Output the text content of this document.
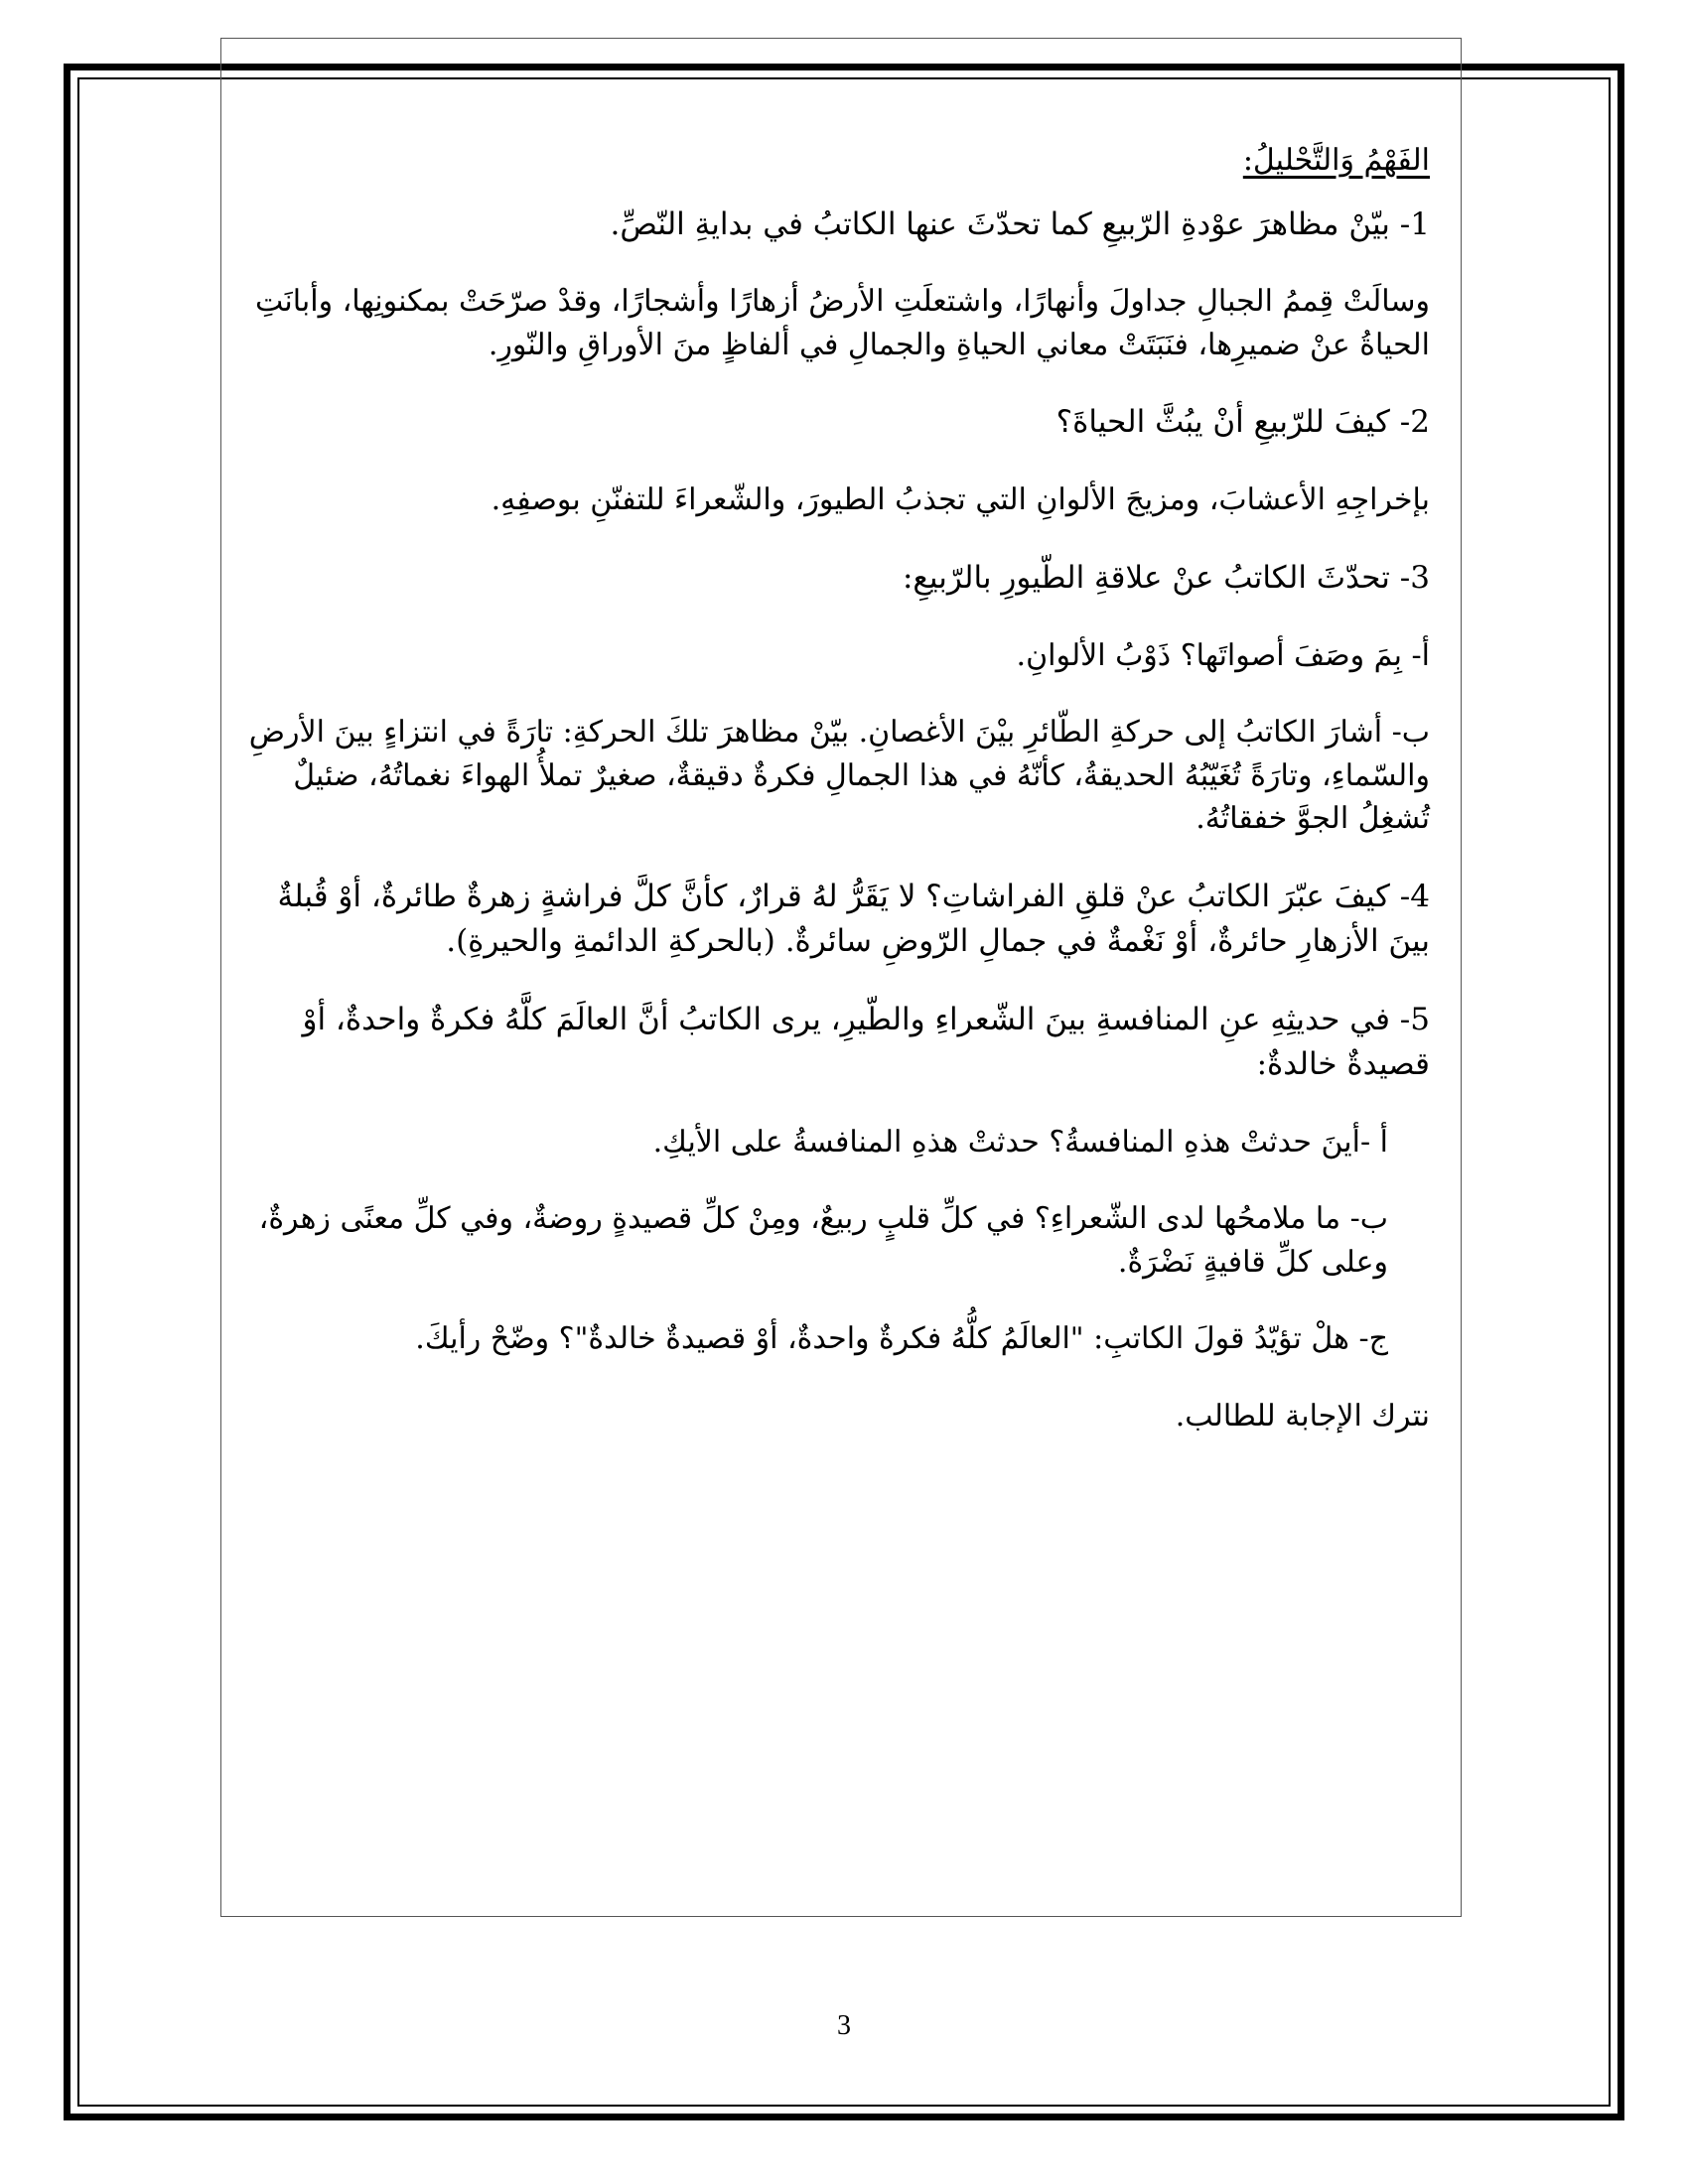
الفَهْمُ وَالتَّحْليلُ:
1- بيّنْ مظاهرَ عوْدةِ الرّبيعِ كما تحدّثَ عنها الكاتبُ في بدايةِ النّصِّ.
وسالَتْ قِممُ الجبالِ جداولَ وأنهارًا، واشتعلَتِ الأرضُ أزهارًا وأشجارًا، وقدْ صرّحَتْ بمكنونِها، وأبانَتِ الحياةُ عنْ ضميرِها، فنَبَتَتْ معاني الحياةِ والجمالِ في ألفاظٍ منَ الأوراقِ والنّورِ.
2- كيفَ للرّبيعِ أنْ يبُثَّ الحياةَ؟
بإخراجِهِ الأعشابَ، ومزيجَ الألوانِ التي تجذبُ الطيورَ، والشّعراءَ للتفنّنِ بوصفِهِ.
3- تحدّثَ الكاتبُ عنْ علاقةِ الطّيورِ بالرّبيعِ:
أ- بِمَ وصَفَ أصواتَها؟ ذَوْبُ الألوانِ.
ب- أشارَ الكاتبُ إلى حركةِ الطّائرِ بيْنَ الأغصانِ. بيّنْ مظاهرَ تلكَ الحركةِ: تارَةً في انتزاءٍ بينَ الأرضِ والسّماءِ، وتارَةً تُغَيّبُهُ الحديقةُ، كأنّهُ في هذا الجمالِ فكرةٌ دقيقةٌ، صغيرٌ تملأُ الهواءَ نغماتُهُ، ضئيلٌ تُشغِلُ الجوَّ خفقاتُهُ.
4- كيفَ عبّرَ الكاتبُ عنْ قلقِ الفراشاتِ؟ لا يَقَرُّ لهُ قرارٌ، كأنَّ كلَّ فراشةٍ زهرةٌ طائرةٌ، أوْ قُبلةٌ بينَ الأزهارِ حائرةٌ، أوْ نَغْمةٌ في جمالِ الرّوضِ سائرةٌ. (بالحركةِ الدائمةِ والحيرةِ).
5- في حديثِهِ عنِ المنافسةِ بينَ الشّعراءِ والطّيرِ، يرى الكاتبُ أنَّ العالَمَ كلَّهُ فكرةٌ واحدةٌ، أوْ قصيدةٌ خالدةٌ:
أ -أينَ حدثتْ هذهِ المنافسةُ؟ حدثتْ هذهِ المنافسةُ على الأيكِ.
ب- ما ملامحُها لدى الشّعراءِ؟ في كلِّ قلبٍ ربيعٌ، ومِنْ كلِّ قصيدةٍ روضةٌ، وفي كلِّ معنًى زهرةٌ، وعلى كلِّ قافيةٍ نَضْرَةٌ.
ج- هلْ تؤيّدُ قولَ الكاتبِ: "العالَمُ كلُّهُ فكرةٌ واحدةٌ، أوْ قصيدةٌ خالدةٌ"؟ وضّحْ رأيكَ.
نترك الإجابة للطالب.
3
